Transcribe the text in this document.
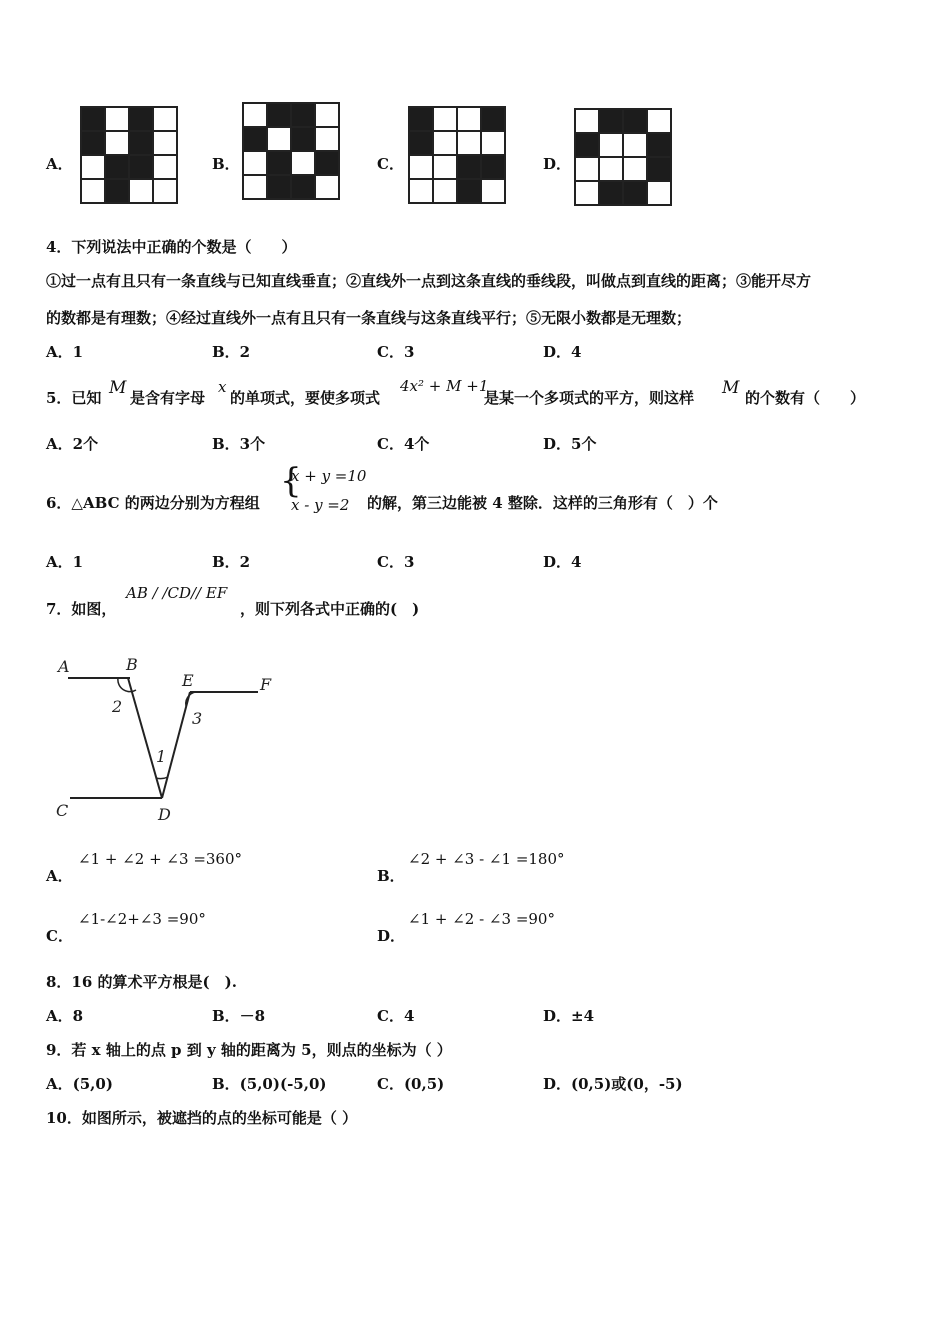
A．	B．	C．	D．
4．下列说法中正确的个数是（　　）
①过一点有且只有一条直线与已知直线垂直；②直线外一点到这条直线的垂线段，叫做点到直线的距离；③能开尽方
的数都是有理数；④经过直线外一点有且只有一条直线与这条直线平行；⑤无限小数都是无理数；
A．1	B．2	C．3	D．4
5．已知 M 是含有字母
x
的单项式，要使多项式
4x² + M +1
是某一个多项式的平方，则这样 M 的个数有（　　）
A．2个	B．3个	C．4个	D．5个
6．△ABC 的两边分别为方程组
{
x + y =10
x - y =2 的解，第三边能被 4 整除．这样的三角形有（　）个
A．1	B．2	C．3	D．4
7．如图，
AB / /CD// EF
，则下列各式中正确的(　)
A	B
E	F
C	D
2
3
1
A．
∠1 + ∠2 + ∠3 =360°
B．
∠2 + ∠3 - ∠1 =180°
C．
∠1-∠2+∠3 =90°
D．
∠1 + ∠2 - ∠3 =90°
8．16 的算术平方根是(　).
A．8	B．－8	C．4	D．±4
9．若 x 轴上的点 p 到 y 轴的距离为 5，则点的坐标为（ ）
A．(5,0)	B．(5,0)(-5,0)	C．(0,5)	D．(0,5)或(0，-5)
10．如图所示，被遮挡的点的坐标可能是（ ）
